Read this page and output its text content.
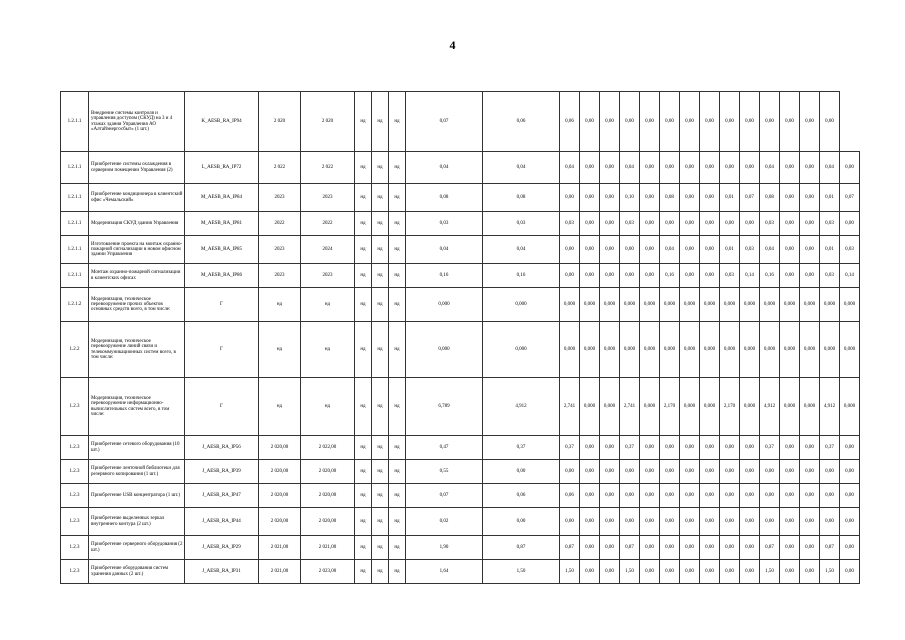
4
1.2.1.1	Внедрение системы контроля и управления доступом (СКУД) на 3 и 4 этажах здания Управления АО «Алтайэнергосбыт» (1 шт.)	K_AESB_RA_IP94	2 020	2 020	нд	нд	нд	0,07	0,06	0,06	0,00	0,00	0,00	0,00	0,00	0,00	0,00	0,00	0,00	0,00	0,00	0,00	0,00	
1.2.1.1	Приобретение системы охлаждения в серверном помещении Управления (2)	L_AESB_RA_IP72	2 022	2 022	нд	нд	нд	0,04	0,04	0,04	0,00	0,00	0,04	0,00	0,00	0,00	0,00	0,00	0,00	0,04	0,00	0,00	0,04	0,00
1.2.1.1	Приобретение кондиционера в клиентский офис «Чемальский»	M_AESB_RA_IP84	2023	2023	нд	нд	нд	0,08	0,08	0,00	0,00	0,00	0,10	0,00	0,08	0,00	0,00	0,01	0,07	0,08	0,00	0,00	0,01	0,07
1.2.1.1	Модернизация СКУД здания Управления	M_AESB_RA_IP81	2022	2022	нд	нд	нд	0,03	0,03	0,03	0,00	0,00	0,03	0,00	0,00	0,00	0,00	0,00	0,00	0,03	0,00	0,00	0,03	0,00
1.2.1.1	Изготовление проекта на монтаж охранно-пожарной сигнализации в новом офисном здании Управления	M_AESB_RA_IP85	2023	2024	нд	нд	нд	0,04	0,04	0,00	0,00	0,00	0,00	0,00	0,04	0,00	0,00	0,01	0,03	0,04	0,00	0,00	0,01	0,03
1.2.1.1	Монтаж охранно-пожарной сигнализации в клиентских офисах	M_AESB_RA_IP86	2023	2023	нд	нд	нд	0,16	0,16	0,00	0,00	0,00	0,00	0,00	0,16	0,00	0,00	0,03	0,14	0,16	0,00	0,00	0,03	0,14
1.2.1.2	Модернизация, техническое перевооружение прочих объектов основных средств всего, в том числе:	Г	нд	нд	нд	нд	нд	0,000	0,000	0,000	0,000	0,000	0,000	0,000	0,000	0,000	0,000	0,000	0,000	0,000	0,000	0,000	0,000	0,000
1.2.2	Модернизация, техническое перевооружение линий связи и телекоммуникационных систем всего, в том числе:	Г	нд	нд	нд	нд	нд	0,000	0,000	0,000	0,000	0,000	0,000	0,000	0,000	0,000	0,000	0,000	0,000	0,000	0,000	0,000	0,000	0,000
1.2.3	Модернизация, техническое перевооружение информационно-вычислительных систем всего, в том числе:	Г	нд	нд	нд	нд	нд	6,789	4,912	2,741	0,000	0,000	2,741	0,000	2,170	0,000	0,000	2,170	0,000	4,912	0,000	0,000	4,912	0,000
1.2.3	Приобретение сетевого оборудования (10 шт.)	J_AESB_RA_IP56	2 020,00	2 022,00	нд	нд	нд	0,47	0,37	0,37	0,00	0,00	0,37	0,00	0,00	0,00	0,00	0,00	0,00	0,37	0,00	0,00	0,37	0,00
1.2.3	Приобретение ленточной библиотеки для резервного копирования (1 шт.)	J_AESB_RA_IP39	2 020,00	2 020,00	нд	нд	нд	0,55	0,00	0,00	0,00	0,00	0,00	0,00	0,00	0,00	0,00	0,00	0,00	0,00	0,00	0,00	0,00	0,00
1.2.3	Приобретение USB концентратора (1 шт.)	J_AESB_RA_IP47	2 020,00	2 020,00	нд	нд	нд	0,07	0,06	0,06	0,00	0,00	0,00	0,00	0,00	0,00	0,00	0,00	0,00	0,00	0,00	0,00	0,00	0,00
1.2.3	Приобретение выделенных зеркал внутреннего контура (2 шт.)	J_AESB_RA_IP44	2 020,00	2 020,00	нд	нд	нд	0,02	0,00	0,00	0,00	0,00	0,00	0,00	0,00	0,00	0,00	0,00	0,00	0,00	0,00	0,00	0,00	0,00
1.2.3	Приобретение серверного оборудования (2 шт.)	J_AESB_RA_IP29	2 021,00	2 021,00	нд	нд	нд	1,90	0,87	0,87	0,00	0,00	0,87	0,00	0,00	0,00	0,00	0,00	0,00	0,87	0,00	0,00	0,87	0,00
1.2.3	Приобретение оборудования систем хранения данных (2 шт.)	J_AESB_RA_IP31	2 021,00	2 023,00	нд	нд	нд	1,64	1,50	1,50	0,00	0,00	1,50	0,00	0,00	0,00	0,00	0,00	0,00	1,50	0,00	0,00	1,50	0,00
